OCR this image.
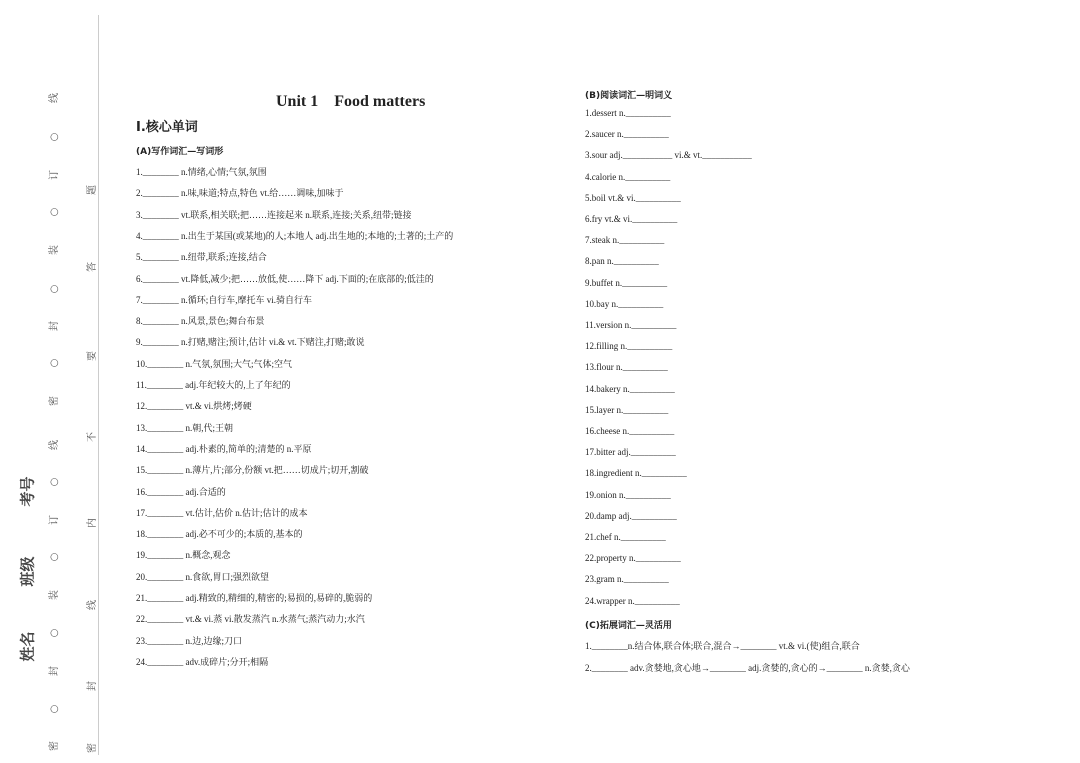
Unit 1　Food matters
Ⅰ.核心单词
(A)写作词汇—写词形
(B)阅读词汇—明词义
(C)拓展词汇—灵活用
线
○
订
○
装
○
封
○
密
线
○
订
○
装
○
封
○
密
题
答
要
不
内
线
封
密
考号
班级
姓名
1.________ n.情绪,心情;气氛,氛围
2.________ n.味,味道;特点,特色 vt.给……调味,加味于
3.________ vt.联系,相关联;把……连接起来 n.联系,连接;关系,纽带;链接
4.________ n.出生于某国(或某地)的人;本地人 adj.出生地的;本地的;土著的;土产的
5.________ n.纽带,联系;连接,结合
6.________ vt.降低,减少;把……放低,使……降下 adj.下面的;在底部的;低洼的
7.________ n.循环;自行车,摩托车 vi.骑自行车
8.________ n.风景,景色;舞台布景
9.________ n.打赌,赌注;预计,估计 vi.& vt.下赌注,打赌;敢说
10.________ n.气氛,氛围;大气;气体;空气
11.________ adj.年纪较大的,上了年纪的
12.________ vt.& vi.烘烤;烤硬
13.________ n.朝,代;王朝
14.________ adj.朴素的,简单的;清楚的 n.平原
15.________ n.薄片,片;部分,份额 vt.把……切成片;切开,割破
16.________ adj.合适的
17.________ vt.估计,估价 n.估计;估计的成本
18.________ adj.必不可少的;本质的,基本的
19.________ n.概念,观念
20.________ n.食欲,胃口;强烈欲望
21.________ adj.精致的,精细的,精密的;易损的,易碎的,脆弱的
22.________ vt.& vi.蒸 vi.散发蒸汽 n.水蒸气;蒸汽动力;水汽
23.________ n.边,边缘;刀口
24.________ adv.成碎片;分开;相隔
1.dessert n.__________
2.saucer n.__________
3.sour adj.___________ vi.& vt.___________
4.calorie n.__________
5.boil vt.& vi.__________
6.fry vt.& vi.__________
7.steak n.__________
8.pan n.__________
9.buffet n.__________
10.bay n.__________
11.version n.__________
12.filling n.__________
13.flour n.__________
14.bakery n.__________
15.layer n.__________
16.cheese n.__________
17.bitter adj.__________
18.ingredient n.__________
19.onion n.__________
20.damp adj.__________
21.chef n.__________
22.property n.__________
23.gram n.__________
24.wrapper n.__________
1.________n.结合体,联合体;联合,混合→________ vt.& vi.(使)组合,联合
2.________ adv.贪婪地,贪心地→________ adj.贪婪的,贪心的→________ n.贪婪,贪心
